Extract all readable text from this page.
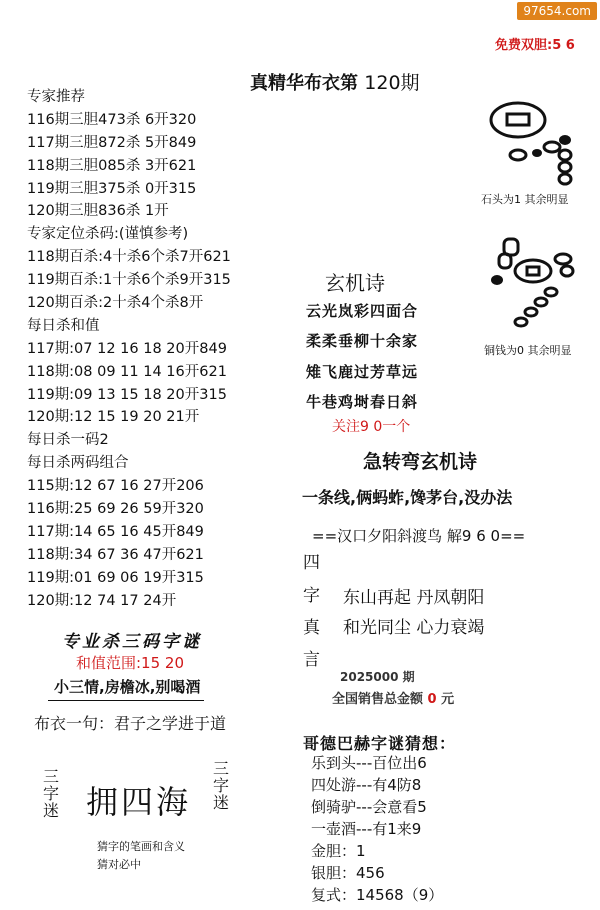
97654.com
免费双胆:5 6
真精华布衣第 120期
专家推荐
116期三胆473杀 6开320
117期三胆872杀 5开849
118期三胆085杀 3开621
119期三胆375杀 0开315
120期三胆836杀 1开
专家定位杀码:(谨慎参考)
118期百杀:4十杀6个杀7开621
119期百杀:1十杀6个杀9开315
120期百杀:2十杀4个杀8开
每日杀和值
117期:07 12 16 18 20开849
118期:08 09 11 14 16开621
119期:09 13 15 18 20开315
120期:12 15 19 20 21开
每日杀一码2
每日杀两码组合
115期:12 67 16 27开206
116期:25 69 26 59开320
117期:14 65 16 45开849
118期:34 67 36 47开621
119期:01 69 06 19开315
120期:12 74 17 24开
专业杀三码字谜
和值范围:15 20
小三情,房檐冰,别喝酒
布衣一句：君子之学进于道
三字迷
三字迷
拥四海
猜字的笔画和含义
猜对必中
石头为1 其余明显
铜钱为0 其余明显
玄机诗
云光岚彩四面合
柔柔垂柳十余家
雉飞鹿过芳草远
牛巷鸡埘春日斜
关注9 0一个
急转弯玄机诗
一条线,俩蚂蚱,馋茅台,没办法
==汉口夕阳斜渡鸟 解9 6 0==
四
字
真
言
东山再起 丹凤朝阳
和光同尘 心力衰竭
2025000 期
全国销售总金额 0 元
哥德巴赫字谜猜想：
乐到头---百位出6
四处游---有4防8
倒骑驴---会意看5
一壶酒---有1来9
金胆：1
银胆：456
复式：14568（9）
